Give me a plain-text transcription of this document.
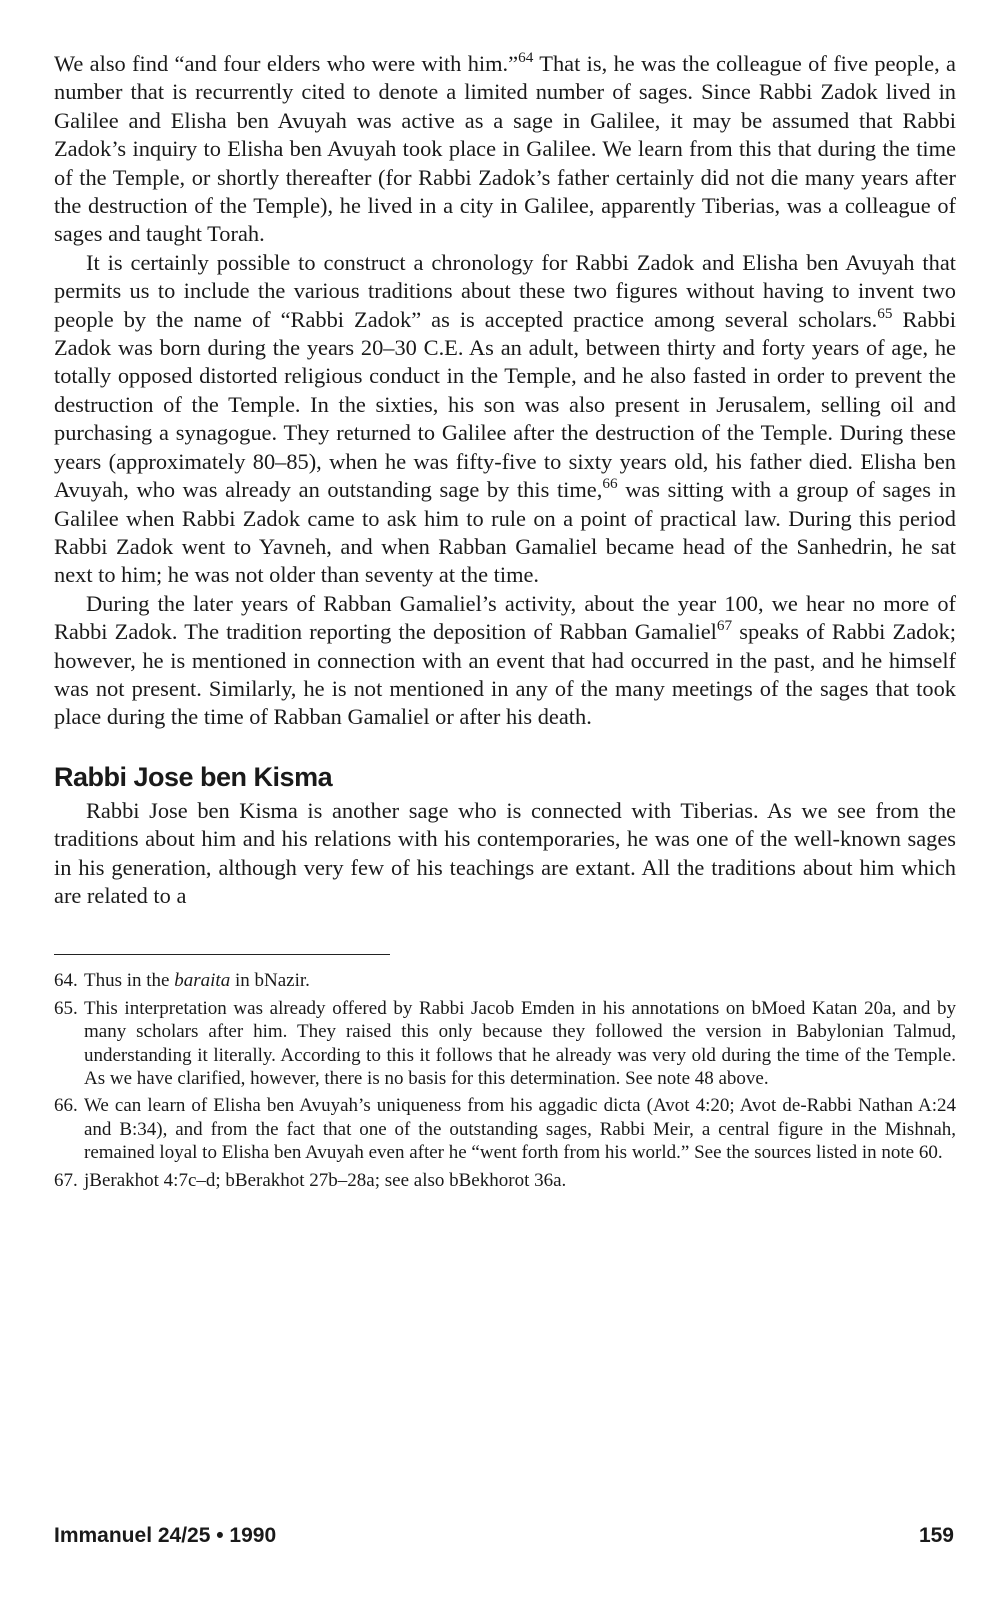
We also find “and four elders who were with him.”$^{64}$ That is, he was the colleague of five people, a number that is recurrently cited to denote a limited number of sages. Since Rabbi Zadok lived in Galilee and Elisha ben Avuyah was active as a sage in Galilee, it may be assumed that Rabbi Zadok’s inquiry to Elisha ben Avuyah took place in Galilee. We learn from this that during the time of the Temple, or shortly thereafter (for Rabbi Zadok’s father certainly did not die many years after the destruction of the Temple), he lived in a city in Galilee, apparently Tiberias, was a colleague of sages and taught Torah.

It is certainly possible to construct a chronology for Rabbi Zadok and Elisha ben Avuyah that permits us to include the various traditions about these two figures without having to invent two people by the name of “Rabbi Zadok” as is accepted practice among several scholars.$^{65}$ Rabbi Zadok was born during the years 20–30 C.E. As an adult, between thirty and forty years of age, he totally opposed distorted religious conduct in the Temple, and he also fasted in order to prevent the destruction of the Temple. In the sixties, his son was also present in Jerusalem, selling oil and purchasing a synagogue. They returned to Galilee after the destruction of the Temple. During these years (approximately 80–85), when he was fifty-five to sixty years old, his father died. Elisha ben Avuyah, who was already an outstanding sage by this time,$^{66}$ was sitting with a group of sages in Galilee when Rabbi Zadok came to ask him to rule on a point of practical law. During this period Rabbi Zadok went to Yavneh, and when Rabban Gamaliel became head of the Sanhedrin, he sat next to him; he was not older than seventy at the time.

During the later years of Rabban Gamaliel’s activity, about the year 100, we hear no more of Rabbi Zadok. The tradition reporting the deposition of Rabban Gamaliel$^{67}$ speaks of Rabbi Zadok; however, he is mentioned in connection with an event that had occurred in the past, and he himself was not present. Similarly, he is not mentioned in any of the many meetings of the sages that took place during the time of Rabban Gamaliel or after his death.

Rabbi Jose ben Kisma

Rabbi Jose ben Kisma is another sage who is connected with Tiberias. As we see from the traditions about him and his relations with his contemporaries, he was one of the well-known sages in his generation, although very few of his teachings are extant. All the traditions about him which are related to a

64. Thus in the baraita in bNazir.
65. This interpretation was already offered by Rabbi Jacob Emden in his annotations on bMoed Katan 20a, and by many scholars after him. They raised this only because they followed the version in Babylonian Talmud, understanding it literally. According to this it follows that he already was very old during the time of the Temple. As we have clarified, however, there is no basis for this determination. See note 48 above.
66. We can learn of Elisha ben Avuyah’s uniqueness from his aggadic dicta (Avot 4:20; Avot de-Rabbi Nathan A:24 and B:34), and from the fact that one of the outstanding sages, Rabbi Meir, a central figure in the Mishnah, remained loyal to Elisha ben Avuyah even after he “went forth from his world.” See the sources listed in note 60.
67. jBerakhot 4:7c–d; bBerakhot 27b–28a; see also bBekhorot 36a.
Immanuel 24/25 • 1990	159
